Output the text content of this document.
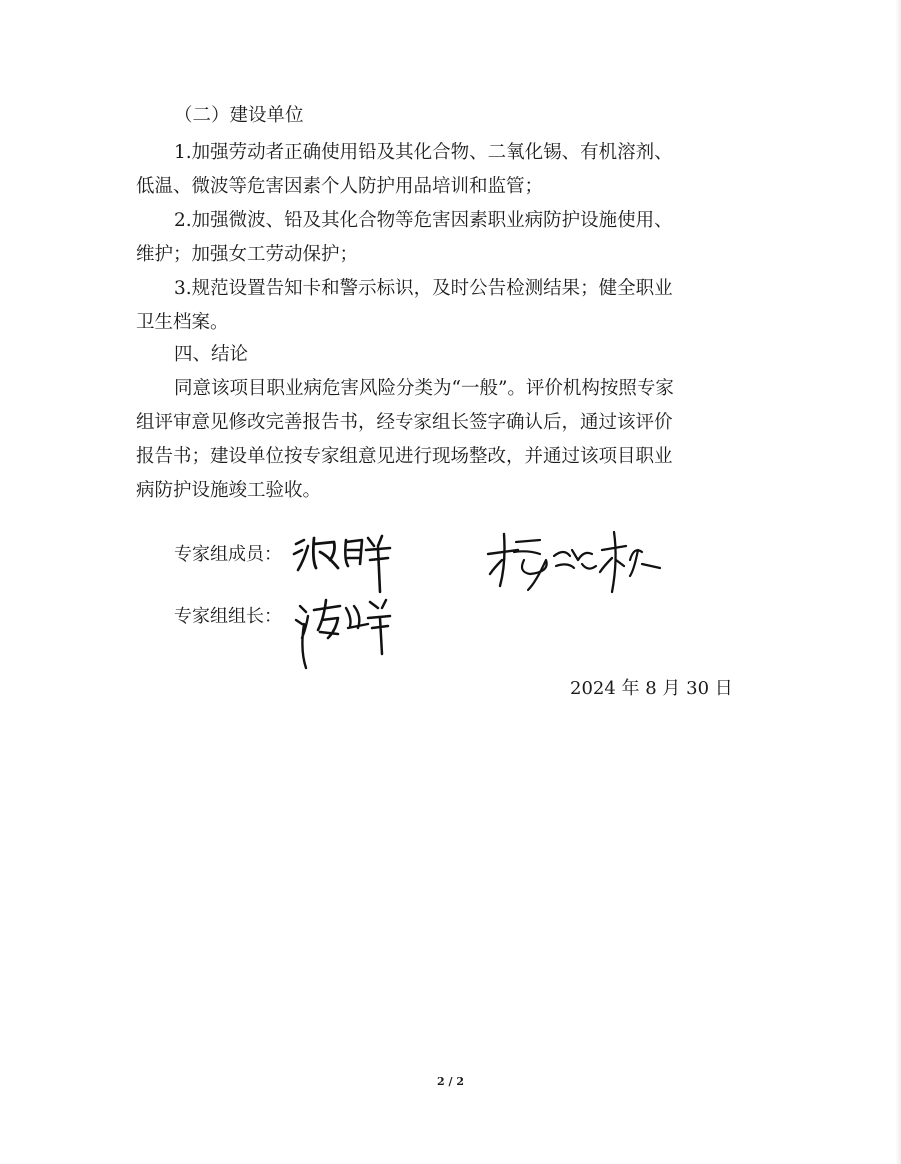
（二）建设单位
1.加强劳动者正确使用铅及其化合物、二氧化锡、有机溶剂、
低温、微波等危害因素个人防护用品培训和监管；
2.加强微波、铅及其化合物等危害因素职业病防护设施使用、
维护；加强女工劳动保护；
3.规范设置告知卡和警示标识，及时公告检测结果；健全职业
卫生档案。
四、结论
同意该项目职业病危害风险分类为“一般”。评价机构按照专家
组评审意见修改完善报告书，经专家组长签字确认后，通过该评价
报告书；建设单位按专家组意见进行现场整改，并通过该项目职业
病防护设施竣工验收。
专家组成员：
专家组组长：
2024 年 8 月 30 日
2 / 2
